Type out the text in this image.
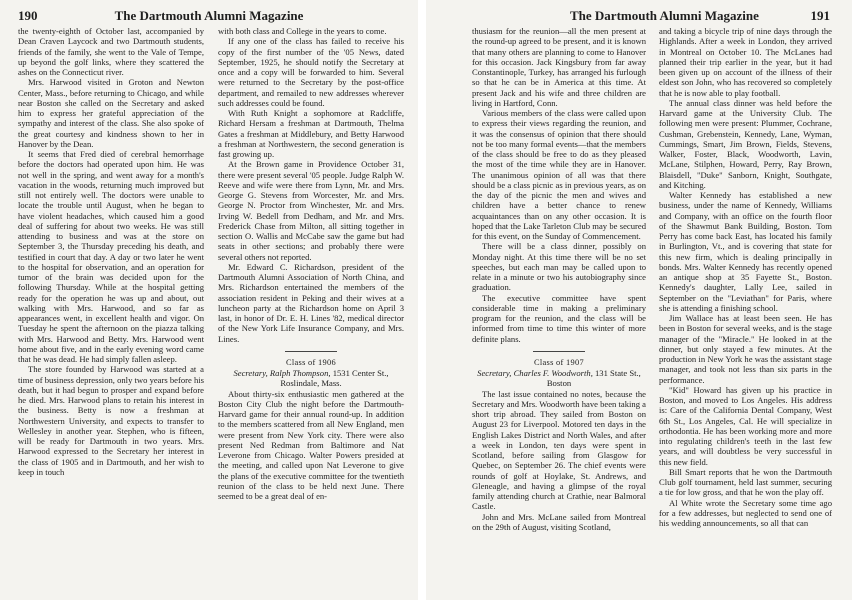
190	The Dartmouth Alumni Magazine

the twenty-eighth of October last, accompanied by Dean Craven Laycock and two Dartmouth students, friends of the family, she went to the Vale of Tempe, up beyond the golf links, where they scattered the ashes on the Connecticut river.

Mrs. Harwood visited in Groton and Newton Center, Mass., before returning to Chicago, and while near Boston she called on the Secretary and asked him to express her grateful appreciation of the sympathy and interest of the class. She also spoke of the great courtesy and kindness shown to her in Hanover by the Dean.

It seems that Fred died of cerebral hemorrhage before the doctors had operated upon him. He was not well in the spring, and went away for a month's vacation in the woods, returning much improved but still not entirely well. The doctors were unable to locate the trouble until August, when he began to have violent headaches, which caused him a good deal of suffering for about two weeks. He was still attending to business and was at the store on September 3, the Thursday preceding his death, and testified in court that day. A day or two later he went to the hospital for observation, and an operation for tumor of the brain was decided upon for the following Thursday. While at the hospital getting ready for the operation he was up and about, out walking with Mrs. Harwood, and so far as appearances went, in excellent health and vigor. On Tuesday he spent the afternoon on the piazza talking with Mrs. Harwood and Betty. Mrs. Harwood went home about five, and in the early evening word came that he was dead. He had simply fallen asleep.

The store founded by Harwood was started at a time of business depression, only two years before his death, but it had begun to prosper and expand before he died. Mrs. Harwood plans to retain his interest in the business. Betty is now a freshman at Northwestern University, and expects to transfer to Wellesley in another year. Stephen, who is fifteen, will be ready for Dartmouth in two years. Mrs. Harwood expressed to the Secretary her interest in the class of 1905 and in Dartmouth, and her wish to keep in touch

with both class and College in the years to come.

If any one of the class has failed to receive his copy of the first number of the '05 News, dated September, 1925, he should notify the Secretary at once and a copy will be forwarded to him. Several were returned to the Secretary by the post-office department, and remailed to new addresses wherever such addresses could be found.

With Ruth Knight a sophomore at Radcliffe, Richard Hersam a freshman at Dartmouth, Thelma Gates a freshman at Middlebury, and Betty Harwood a freshman at Northwestern, the second generation is fast growing up.

At the Brown game in Providence October 31, there were present several '05 people. Judge Ralph W. Reeve and wife were there from Lynn, Mr. and Mrs. George G. Stevens from Worcester, Mr. and Mrs. George N. Proctor from Winchester, Mr. and Mrs. Irving W. Bedell from Dedham, and Mr. and Mrs. Frederick Chase from Milton, all sitting together in section O. Wallis and McCabe saw the game but had seats in other sections; and probably there were several others not reported.

Mr. Edward C. Richardson, president of the Dartmouth Alumni Association of North China, and Mrs. Richardson entertained the members of the association resident in Peking and their wives at a luncheon party at the Richardson home on April 3 last, in honor of Dr. E. H. Lines '82, medical director of the New York Life Insurance Company, and Mrs. Lines.

Class of 1906

Secretary, Ralph Thompson, 1531 Center St., Roslindale, Mass.

About thirty-six enthusiastic men gathered at the Boston City Club the night before the Dartmouth-Harvard game for their annual round-up. In addition to the members scattered from all New England, men were present from New York city. There were also present Ned Redman from Baltimore and Nat Leverone from Chicago. Walter Powers presided at the meeting, and called upon Nat Leverone to give the plans of the executive committee for the twentieth reunion of the class to be held next June. There seemed to be a great deal of en-

The Dartmouth Alumni Magazine	191

thusiasm for the reunion—all the men present at the round-up agreed to be present, and it is known that many others are planning to come to Hanover for this occasion. Jack Kingsbury from far away Constantinople, Turkey, has arranged his furlough so that he can be in America at this time. At present Jack and his wife and three children are living in Hartford, Conn.

Various members of the class were called upon to express their views regarding the reunion, and it was the consensus of opinion that there should not be too many formal events—that the members of the class should be free to do as they pleased the most of the time while they are in Hanover. The unanimous opinion of all was that there should be a class picnic as in previous years, as on the day of the picnic the men and wives and children have a better chance to renew acquaintances than on any other occasion. It is hoped that the Lake Tarleton Club may be secured for this event, on the Sunday of Commencement.

There will be a class dinner, possibly on Monday night. At this time there will be no set speeches, but each man may be called upon to relate in a minute or two his autobiography since graduation.

The executive committee have spent considerable time in making a preliminary program for the reunion, and the class will be informed from time to time this winter of more definite plans.

Class of 1907

Secretary, Charles F. Woodworth, 131 State St., Boston

The last issue contained no notes, because the Secretary and Mrs. Woodworth have been taking a short trip abroad. They sailed from Boston on August 23 for Liverpool. Motored ten days in the English Lakes District and North Wales, and after a week in London, ten days were spent in Scotland, before sailing from Glasgow for Quebec, on September 26. The chief events were rounds of golf at Hoylake, St. Andrews, and Gleneagle, and having a glimpse of the royal family attending church at Crathie, near Balmoral Castle.

John and Mrs. McLane sailed from Montreal on the 29th of August, visiting Scotland,

and taking a bicycle trip of nine days through the Highlands. After a week in London, they arrived in Montreal on October 10. The McLanes had planned their trip earlier in the year, but it had been given up on account of the illness of their eldest son John, who has recovered so completely that he is now able to play football.

The annual class dinner was held before the Harvard game at the University Club. The following men were present: Plummer, Cochrane, Cushman, Grebenstein, Kennedy, Lane, Wyman, Cummings, Smart, Jim Brown, Fields, Stevens, Walker, Foster, Black, Woodworth, Lavin, McLane, Stilphen, Howard, Perry, Ray Brown, Blaisdell, "Duke" Sanborn, Knight, Southgate, and Kitching.

Walter Kennedy has established a new business, under the name of Kennedy, Williams and Company, with an office on the fourth floor of the Shawmut Bank Building, Boston. Tom Perry has come back East, has located his family in Burlington, Vt., and is covering that state for this new firm, which is dealing principally in bonds. Mrs. Walter Kennedy has recently opened an antique shop at 35 Fayette St., Boston. Kennedy's daughter, Lally Lee, sailed in September on the "Leviathan" for Paris, where she is attending a finishing school.

Jim Wallace has at least been seen. He has been in Boston for several weeks, and is the stage manager of the "Miracle." He looked in at the dinner, but only stayed a few minutes. At the production in New York he was the assistant stage manager, and took not less than six parts in the performance.

"Kid" Howard has given up his practice in Boston, and moved to Los Angeles. His address is: Care of the California Dental Company, West 6th St., Los Angeles, Cal. He will specialize in orthodontia. He has been working more and more into regulating children's teeth in the last few years, and will doubtless be very successful in this new field.

Bill Smart reports that he won the Dartmouth Club golf tournament, held last summer, securing a tie for low gross, and that he won the play off.

Al White wrote the Secretary some time ago for a few addresses, but neglected to send one of his wedding announcements, so all that can
